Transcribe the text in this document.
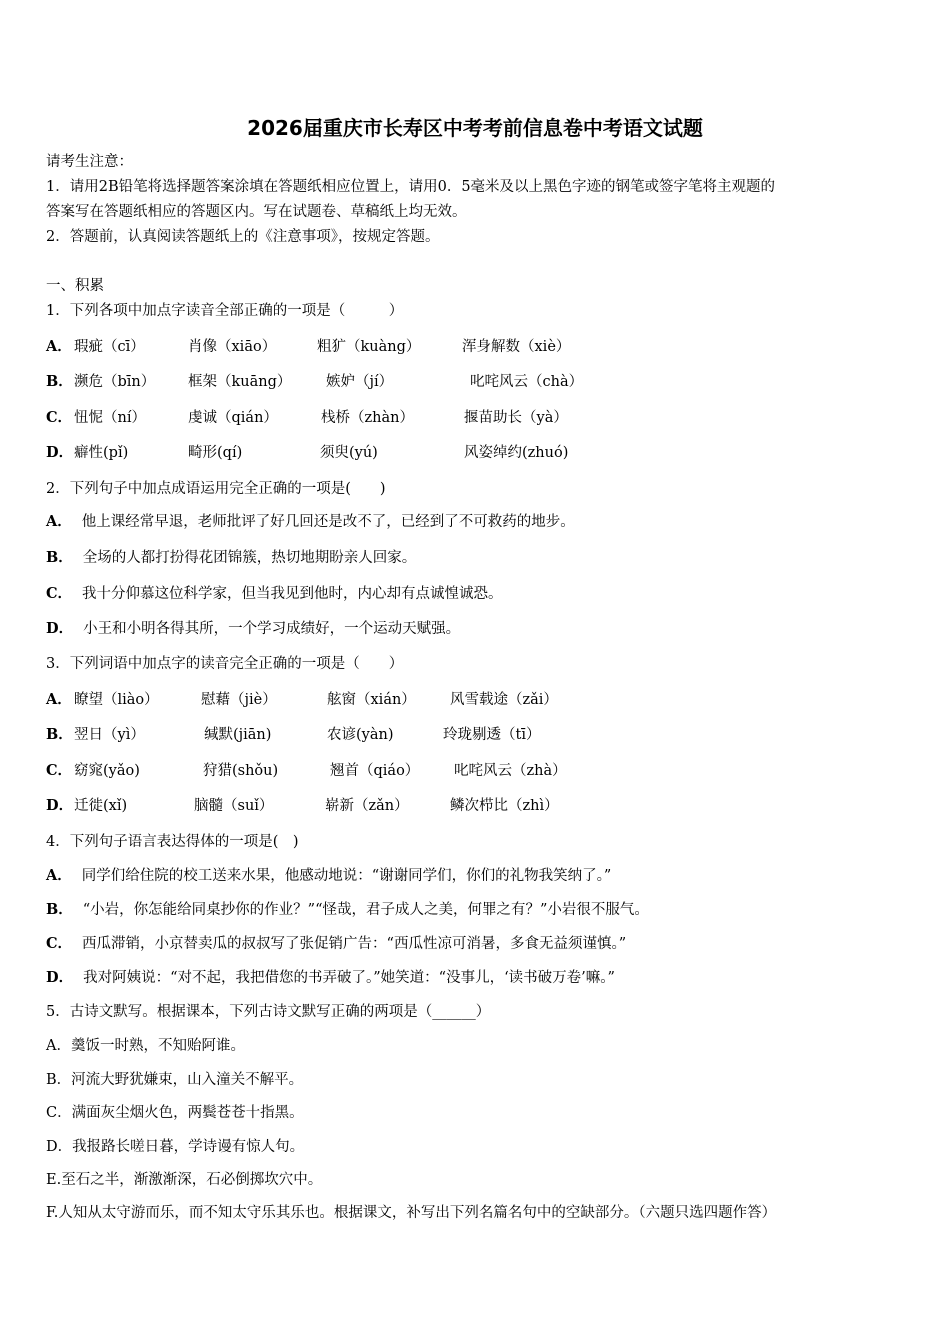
2026届重庆市长寿区中考考前信息卷中考语文试题
请考生注意：
1．请用2B铅笔将选择题答案涂填在答题纸相应位置上，请用0．5毫米及以上黑色字迹的钢笔或签字笔将主观题的
答案写在答题纸相应的答题区内。写在试题卷、草稿纸上均无效。
2．答题前，认真阅读答题纸上的《注意事项》，按规定答题。
一、积累
1．下列各项中加点字读音全部正确的一项是（　　　）
A． 瑕疵（cī）	肖像（xiāo）	粗犷（kuàng）	浑身解数（xiè）
B． 濒危（bīn） 框架（kuāng） 嫉妒（jí）	叱咤风云（chà）
C． 忸怩（ní）	虔诚（qián）	栈桥（zhàn）	揠苗助长（yà）
D． 癖性(pǐ)	畸形(qí)	须臾(yú)	风姿绰约(zhuó)
2．下列句子中加点成语运用完全正确的一项是(　　)
A． 他上课经常早退，老师批评了好几回还是改不了，已经到了不可救药的地步。
B． 全场的人都打扮得花团锦簇，热切地期盼亲人回家。
C． 我十分仰慕这位科学家，但当我见到他时，内心却有点诚惶诚恐。
D． 小王和小明各得其所，一个学习成绩好，一个运动天赋强。
3．下列词语中加点字的读音完全正确的一项是（　　）
A． 瞭望（liào）	慰藉（jiè）	舷窗（xián） 风雪载途（zǎi）
B． 翌日（yì）	缄默(jiān)	农谚(yàn)	玲珑剔透（tī）
C． 窈窕(yǎo)	狩猎(shǒu)	翘首（qiáo） 叱咤风云（zhà）
D． 迁徙(xǐ)	脑髓（suǐ）	崭新（zǎn）	鳞次栉比（zhì）
4．下列句子语言表达得体的一项是(　)
A． 同学们给住院的校工送来水果，他感动地说：“谢谢同学们，你们的礼物我笑纳了。”
B． “小岩，你怎能给同桌抄你的作业？”“怪哉，君子成人之美，何罪之有？”小岩很不服气。
C． 西瓜滞销，小京替卖瓜的叔叔写了张促销广告：“西瓜性凉可消暑，多食无益须谨慎。”
D． 我对阿姨说：“对不起，我把借您的书弄破了。”她笑道：“没事儿，‘读书破万卷’嘛。”
5．古诗文默写。根据课本，下列古诗文默写正确的两项是（______）
A．羹饭一时熟，不知贻阿谁。
B．河流大野犹嫌束，山入潼关不解平。
C．满面灰尘烟火色，两鬓苍苍十指黑。
D．我报路长嗟日暮，学诗谩有惊人句。
E.至石之半，渐激渐深，石必倒掷坎穴中。
F.人知从太守游而乐，而不知太守乐其乐也。根据课文，补写出下列名篇名句中的空缺部分。（六题只选四题作答）
